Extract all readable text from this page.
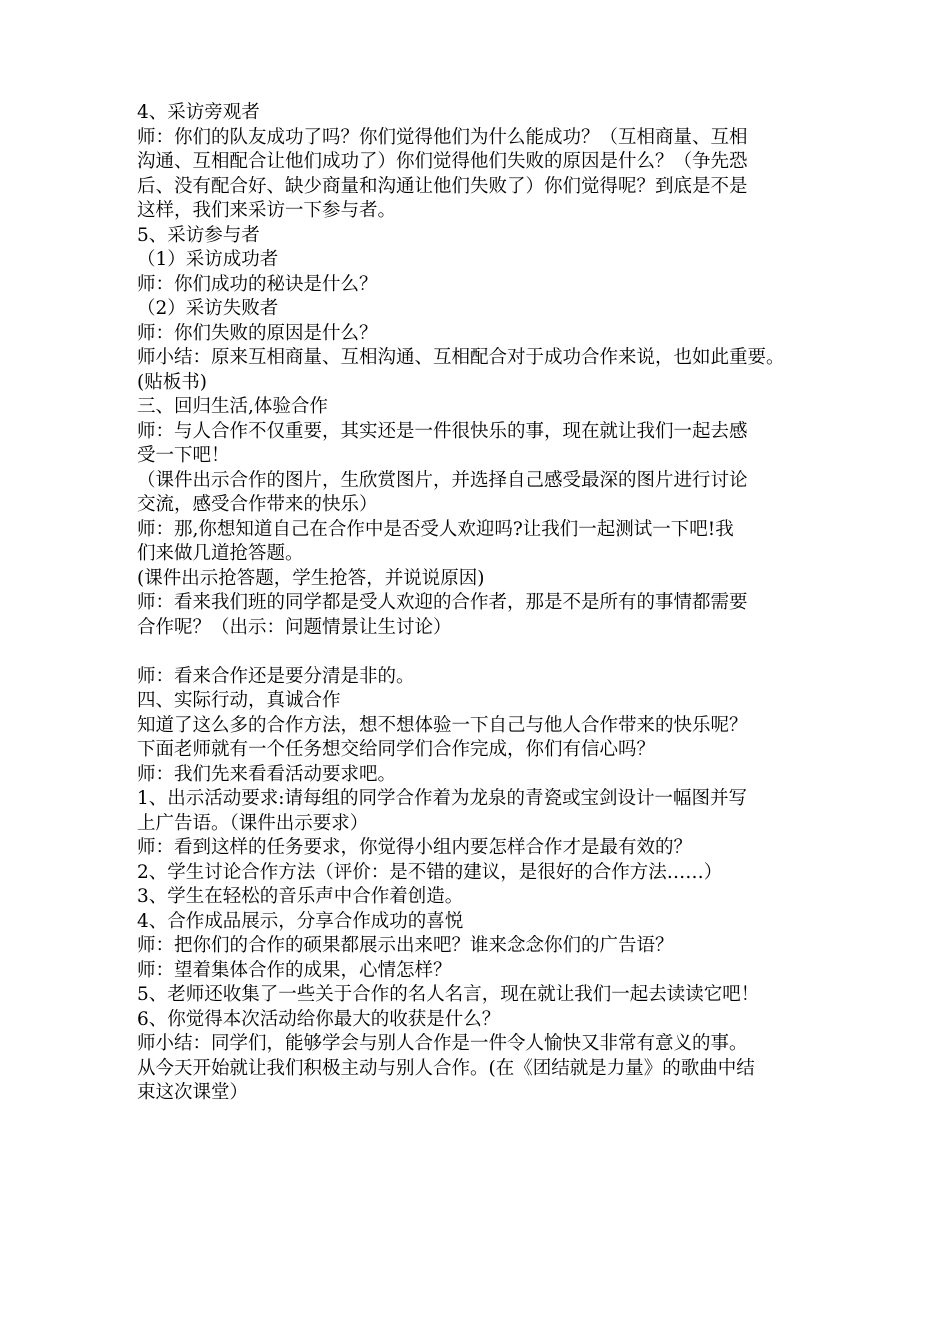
4、采访旁观者
师：你们的队友成功了吗？你们觉得他们为什么能成功？（互相商量、互相
沟通、互相配合让他们成功了）你们觉得他们失败的原因是什么？（争先恐
后、没有配合好、缺少商量和沟通让他们失败了）你们觉得呢？到底是不是
这样，我们来采访一下参与者。
5、采访参与者
（1）采访成功者
师：你们成功的秘诀是什么？
（2）采访失败者
师：你们失败的原因是什么？
师小结：原来互相商量、互相沟通、互相配合对于成功合作来说，也如此重要。
(贴板书)
三、回归生活,体验合作
师：与人合作不仅重要，其实还是一件很快乐的事，现在就让我们一起去感
受一下吧！
（课件出示合作的图片，生欣赏图片，并选择自己感受最深的图片进行讨论
交流，感受合作带来的快乐）
师：那,你想知道自己在合作中是否受人欢迎吗?让我们一起测试一下吧!我
们来做几道抢答题。
(课件出示抢答题，学生抢答，并说说原因)
师：看来我们班的同学都是受人欢迎的合作者，那是不是所有的事情都需要
合作呢？（出示：问题情景让生讨论）
师：看来合作还是要分清是非的。
四、实际行动，真诚合作
知道了这么多的合作方法，想不想体验一下自己与他人合作带来的快乐呢？
下面老师就有一个任务想交给同学们合作完成，你们有信心吗？
师：我们先来看看活动要求吧。
1、出示活动要求:请每组的同学合作着为龙泉的青瓷或宝剑设计一幅图并写
上广告语。（课件出示要求）
师：看到这样的任务要求，你觉得小组内要怎样合作才是最有效的？
2、学生讨论合作方法（评价：是不错的建议，是很好的合作方法……）
3、学生在轻松的音乐声中合作着创造。
4、合作成品展示，分享合作成功的喜悦
师：把你们的合作的硕果都展示出来吧？谁来念念你们的广告语？
师：望着集体合作的成果，心情怎样？
5、老师还收集了一些关于合作的名人名言，现在就让我们一起去读读它吧！
6、你觉得本次活动给你最大的收获是什么？
师小结：同学们，能够学会与别人合作是一件令人愉快又非常有意义的事。
从今天开始就让我们积极主动与别人合作。(在《团结就是力量》的歌曲中结
束这次课堂）
